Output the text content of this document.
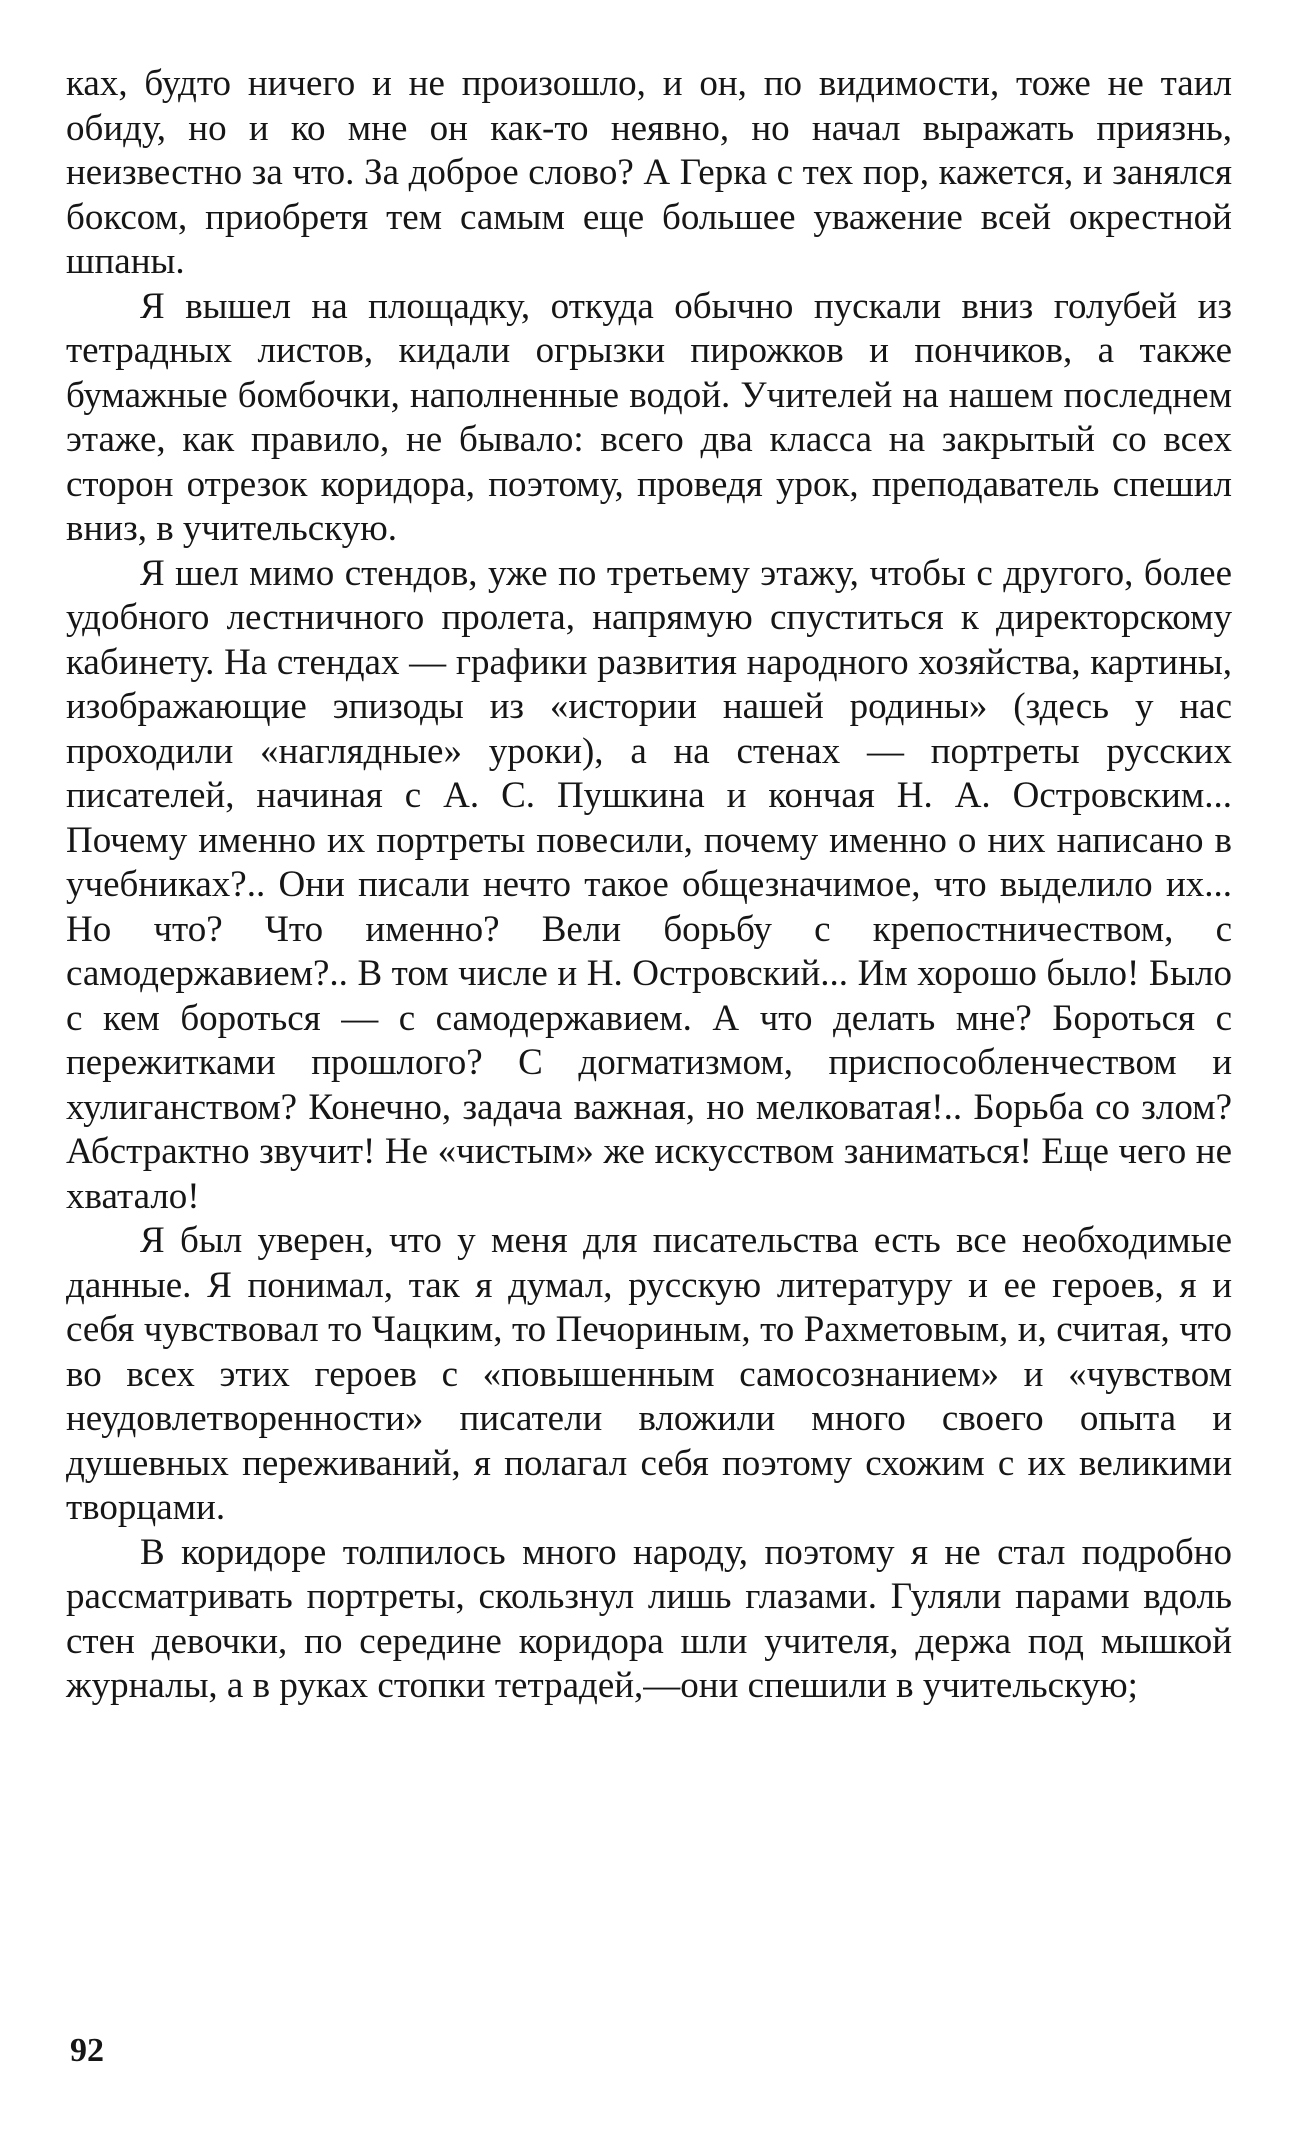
ках, будто ничего и не произошло, и он, по видимости, тоже не таил обиду, но и ко мне он как-то неявно, но начал выражать приязнь, неизвестно за что. За доброе слово? А Герка с тех пор, кажется, и занялся боксом, приобретя тем самым еще большее уважение всей окрестной шпаны.

Я вышел на площадку, откуда обычно пускали вниз голубей из тетрадных листов, кидали огрызки пирожков и пончиков, а также бумажные бомбочки, наполненные водой. Учителей на нашем последнем этаже, как правило, не бывало: всего два класса на закрытый со всех сторон отрезок коридора, поэтому, проведя урок, преподаватель спешил вниз, в учительскую.

Я шел мимо стендов, уже по третьему этажу, чтобы с другого, более удобного лестничного пролета, напрямую спуститься к директорскому кабинету. На стендах — графики развития народного хозяйства, картины, изображающие эпизоды из «истории нашей родины» (здесь у нас проходили «наглядные» уроки), а на стенах — портреты русских писателей, начиная с А. С. Пушкина и кончая Н. А. Островским... Почему именно их портреты повесили, почему именно о них написано в учебниках?.. Они писали нечто такое общезначимое, что выделило их... Но что? Что именно? Вели борьбу с крепостничеством, с самодержавием?.. В том числе и Н. Островский... Им хорошо было! Было с кем бороться — с самодержавием. А что делать мне? Бороться с пережитками прошлого? С догматизмом, приспособленчеством и хулиганством? Конечно, задача важная, но мелковатая!.. Борьба со злом? Абстрактно звучит! Не «чистым» же искусством заниматься! Еще чего не хватало!

Я был уверен, что у меня для писательства есть все необходимые данные. Я понимал, так я думал, русскую литературу и ее героев, я и себя чувствовал то Чацким, то Печориным, то Рахметовым, и, считая, что во всех этих героев с «повышенным самосознанием» и «чувством неудовлетворенности» писатели вложили много своего опыта и душевных переживаний, я полагал себя поэтому схожим с их великими творцами.

В коридоре толпилось много народу, поэтому я не стал подробно рассматривать портреты, скользнул лишь глазами. Гуляли парами вдоль стен девочки, по середине коридора шли учителя, держа под мышкой журналы, а в руках стопки тетрадей,—они спешили в учительскую;

92
